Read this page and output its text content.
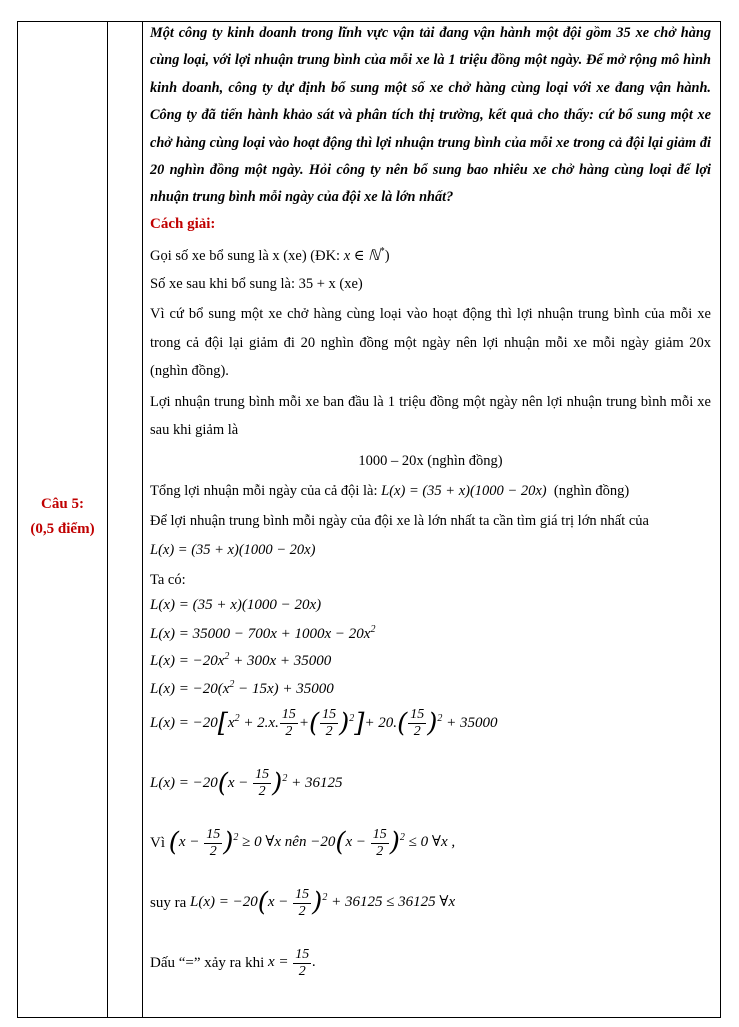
Câu 5:
(0,5 điểm)
Một công ty kinh doanh trong lĩnh vực vận tải đang vận hành một đội gồm 35 xe chở hàng cùng loại, với lợi nhuận trung bình của mỗi xe là 1 triệu đồng một ngày. Để mở rộng mô hình kinh doanh, công ty dự định bổ sung một số xe chở hàng cùng loại với xe đang vận hành. Công ty đã tiến hành khảo sát và phân tích thị trường, kết quả cho thấy: cứ bổ sung một xe chở hàng cùng loại vào hoạt động thì lợi nhuận trung bình của mỗi xe trong cả đội lại giảm đi 20 nghìn đồng một ngày. Hỏi công ty nên bổ sung bao nhiêu xe chở hàng cùng loại để lợi nhuận trung bình mỗi ngày của đội xe là lớn nhất?
Cách giải:
Gọi số xe bổ sung là x (xe) (ĐK: x ∈ ℕ*)
Số xe sau khi bổ sung là: 35 + x (xe)
Vì cứ bổ sung một xe chở hàng cùng loại vào hoạt động thì lợi nhuận trung bình của mỗi xe trong cả đội lại giảm đi 20 nghìn đồng một ngày nên lợi nhuận mỗi xe mỗi ngày giảm 20x (nghìn đồng).
Lợi nhuận trung bình mỗi xe ban đầu là 1 triệu đồng một ngày nên lợi nhuận trung bình mỗi xe sau khi giảm là
1000 – 20x (nghìn đồng)
Tổng lợi nhuận mỗi ngày của cả đội là: L(x) = (35 + x)(1000 − 20x) (nghìn đồng)
Để lợi nhuận trung bình mỗi ngày của đội xe là lớn nhất ta cần tìm giá trị lớn nhất của
L(x) = (35 + x)(1000 − 20x)
Ta có:
L(x) = (35 + x)(1000 − 20x)
$L(x) = 35000 - 700x + 1000x - 20x^2$
$L(x) = -20x^2 + 300x + 35000$
$L(x) = -20(x^2 - 15x) + 35000$
$L(x) = -20[x^2 + 2.x$. $\frac{15}{2}$ +( $\frac{15}{2} )^2]+ 20.( \frac{15}{2} )^2 + 35000$
$L(x) = -20(x - \frac{15}{2} )^2 + 36125$
Vì $(x - \frac{15}{2} )^2 \ge 0$ ∀x nên $-20(x - \frac{15}{2} )^2 \le 0$ ∀x ,
suy ra $L(x) = -20(x - \frac{15}{2} )^2 + 36125 \le 36125$ ∀x
Dấu “=” xảy ra khi $x = \frac{15}{2}$ .
